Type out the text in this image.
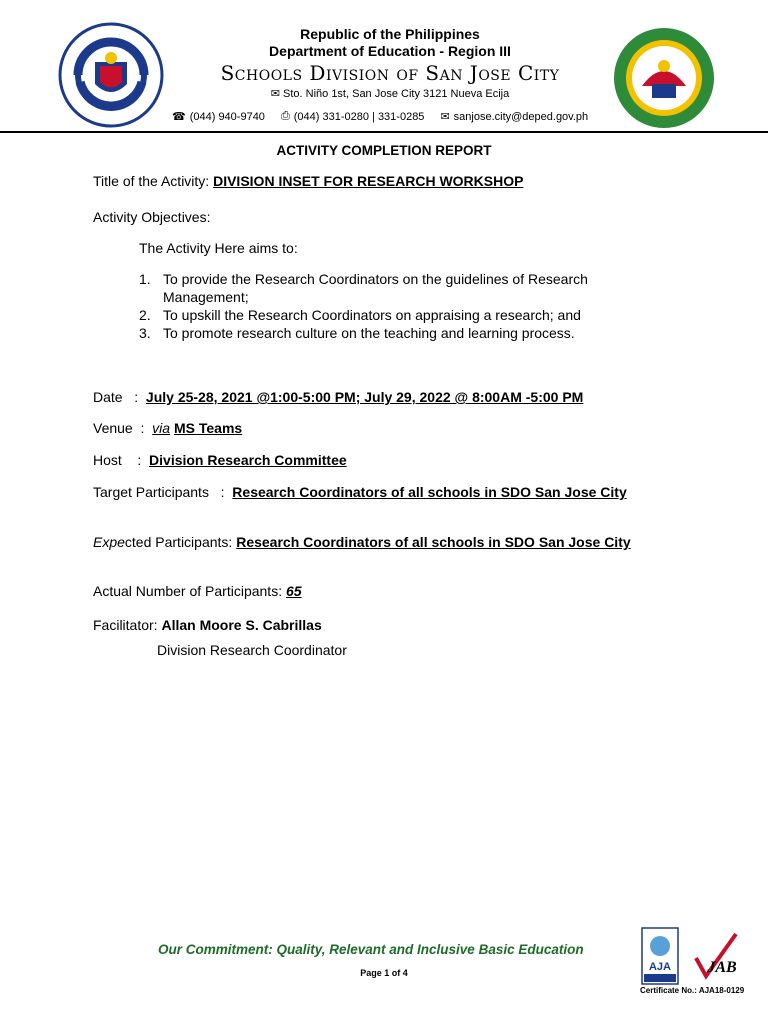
Republic of the Philippines
Department of Education - Region III
Schools Division of San Jose City
✉ Sto. Niño 1st, San Jose City 3121 Nueva Ecija
☎ (044) 940-9740 ⎙ (044) 331-0280 | 331-0285 ✉ sanjose.city@deped.gov.ph
ACTIVITY COMPLETION REPORT
Title of the Activity: DIVISION INSET FOR RESEARCH WORKSHOP
Activity Objectives:
The Activity Here aims to:
1. To provide the Research Coordinators on the guidelines of Research Management;
2. To upskill the Research Coordinators on appraising a research; and
3. To promote research culture on the teaching and learning process.
Date   :  July 25-28, 2021 @1:00-5:00 PM; July 29, 2022 @ 8:00AM -5:00 PM
Venue  :  via MS Teams
Host    :  Division Research Committee
Target Participants   :  Research Coordinators of all schools in SDO San Jose City
Expected Participants: Research Coordinators of all schools in SDO San Jose City
Actual Number of Participants: 65
Facilitator: Allan Moore S. Cabrillas
Division Research Coordinator
Our Commitment: Quality, Relevant and Inclusive Basic Education
Page 1 of 4	AJA JAB
Certificate No.: AJA18-0129
